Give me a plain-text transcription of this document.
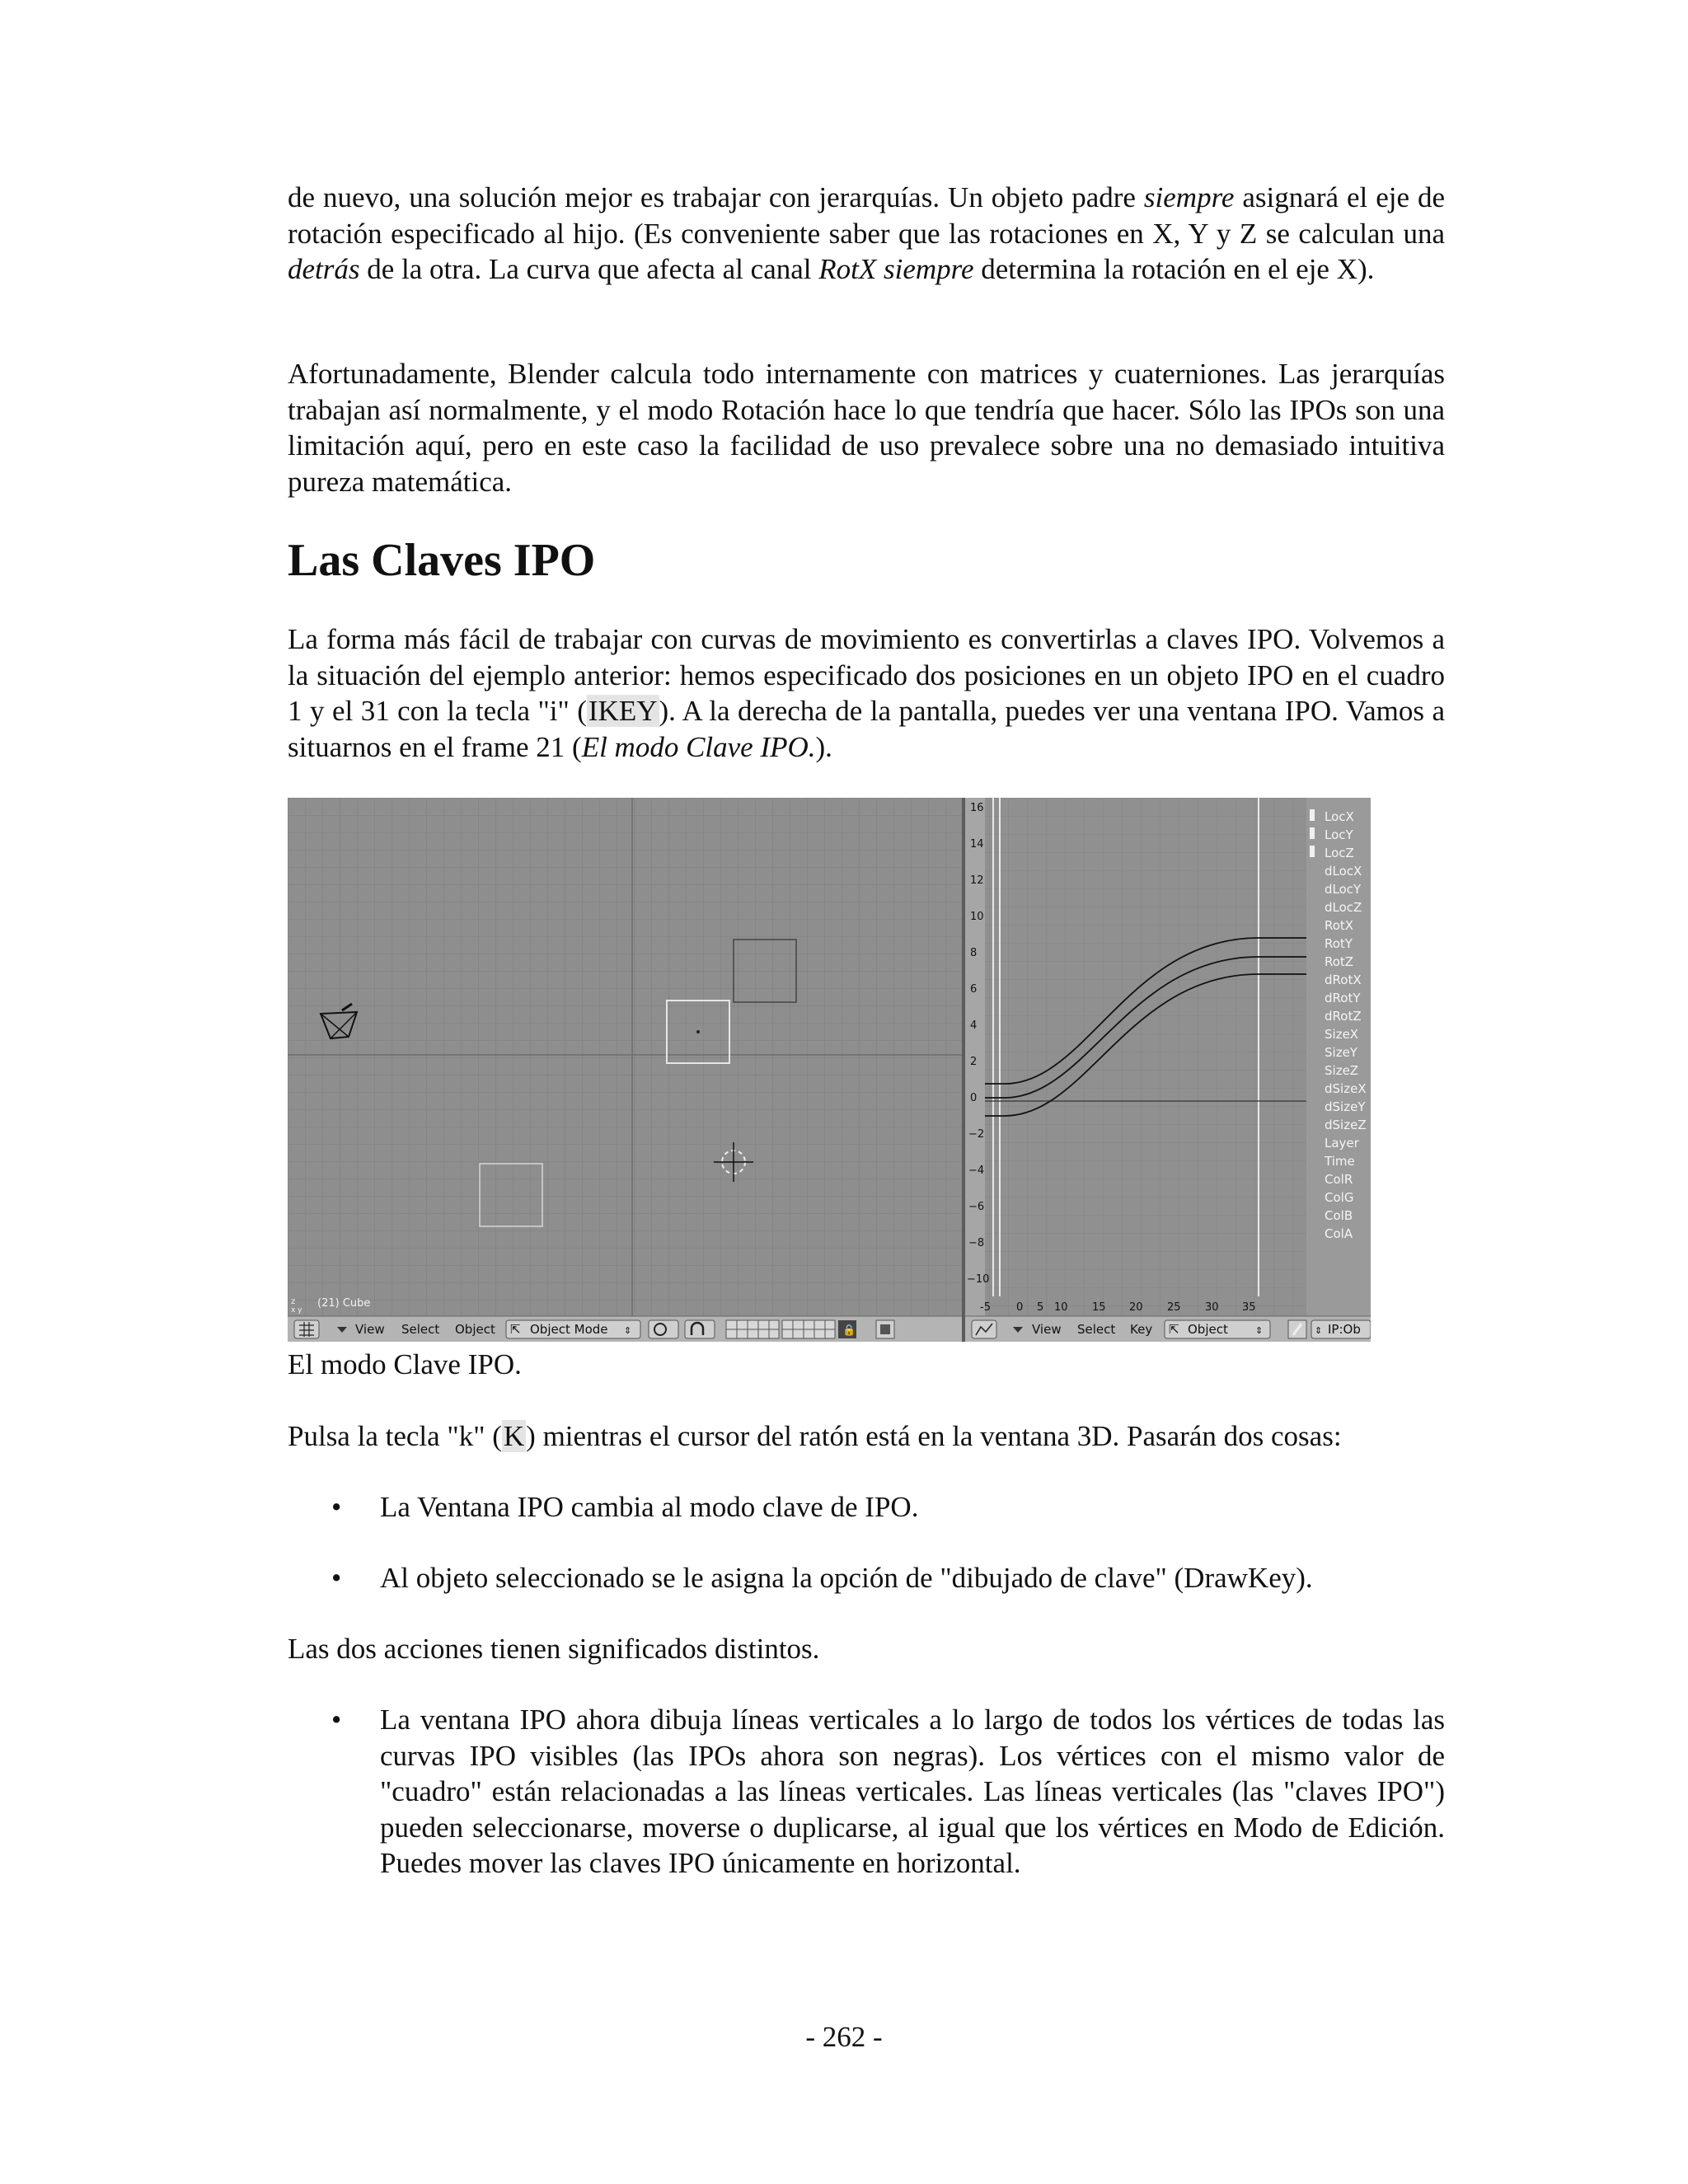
de nuevo, una solución mejor es trabajar con jerarquías. Un objeto padre siempre asignará el eje de rotación especificado al hijo. (Es conveniente saber que las rotaciones en X, Y y Z se calculan una detrás de la otra. La curva que afecta al canal RotX siempre determina la rotación en el eje X).

Afortunadamente, Blender calcula todo internamente con matrices y cuaterniones. Las jerarquías trabajan así normalmente, y el modo Rotación hace lo que tendría que hacer. Sólo las IPOs son una limitación aquí, pero en este caso la facilidad de uso prevalece sobre una no demasiado intuitiva pureza matemática.

Las Claves IPO

La forma más fácil de trabajar con curvas de movimiento es convertirlas a claves IPO. Volvemos a la situación del ejemplo anterior: hemos especificado dos posiciones en un objeto IPO en el cuadro 1 y el 31 con la tecla "i" (IKEY). A la derecha de la pantalla, puedes ver una ventana IPO. Vamos a situarnos en el frame 21 (El modo Clave IPO.).

z
x y
(21) Cube
16
14
12
10
8
6
4
2
0
−2
−4
−6
−8
−10
-5 0 5 10 15 20 25 30 35
LocX
LocY
LocZ
dLocX
dLocY
dLocZ
RotX
RotY
RotZ
dRotX
dRotY
dRotZ
SizeX
SizeY
SizeZ
dSizeX
dSizeY
dSizeZ
Layer
Time
ColR
ColG
ColB
ColA
View Select Object ⇱ Object Mode ⇕	🔒	View Select Key ⇱ Object	⇕	⇕ IP:Ob
El modo Clave IPO.

Pulsa la tecla "k" (K) mientras el cursor del ratón está en la ventana 3D. Pasarán dos cosas:

• La Ventana IPO cambia al modo clave de IPO.

• Al objeto seleccionado se le asigna la opción de "dibujado de clave" (DrawKey).

Las dos acciones tienen significados distintos.

• La ventana IPO ahora dibuja líneas verticales a lo largo de todos los vértices de todas las curvas IPO visibles (las IPOs ahora son negras). Los vértices con el mismo valor de "cuadro" están relacionadas a las líneas verticales. Las líneas verticales (las "claves IPO") pueden seleccionarse, moverse o duplicarse, al igual que los vértices en Modo de Edición. Puedes mover las claves IPO únicamente en horizontal.

- 262 -
